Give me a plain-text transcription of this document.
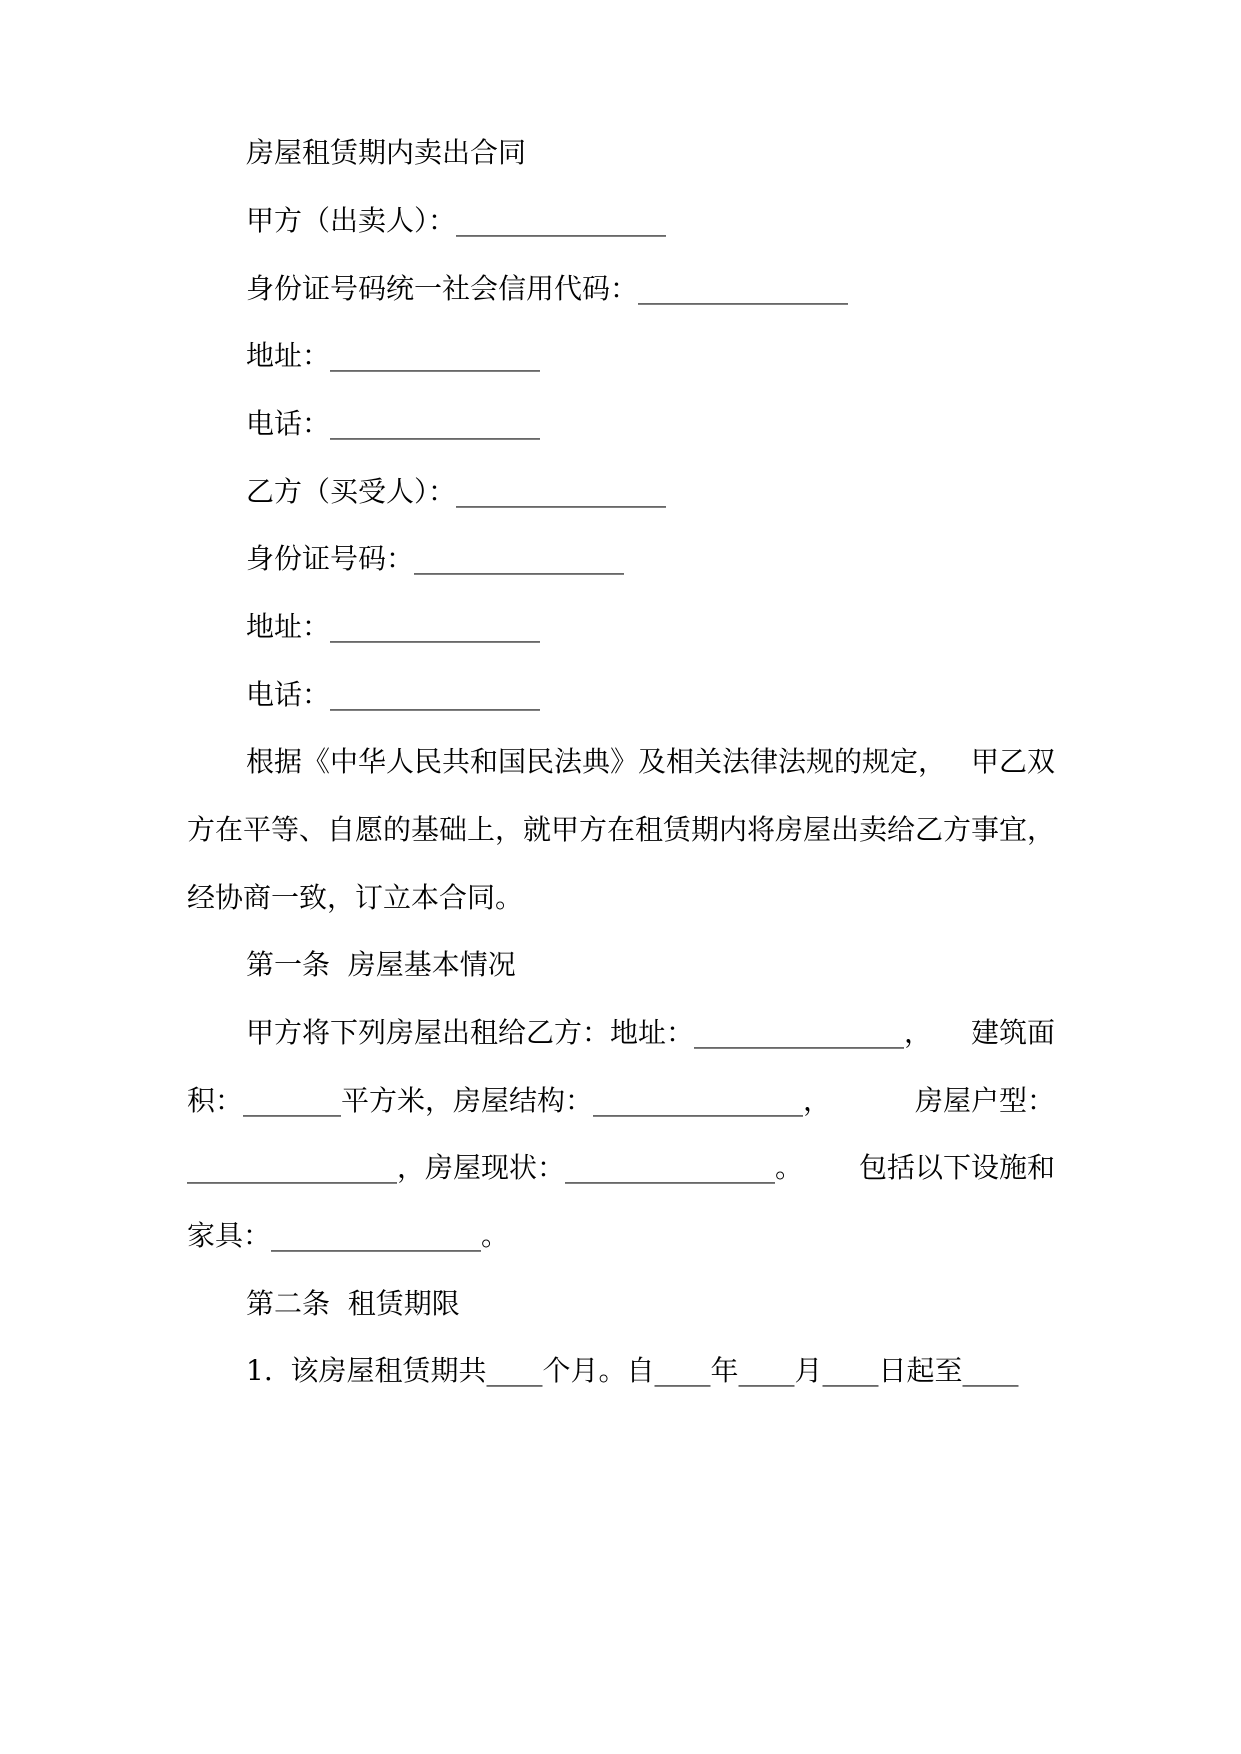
房屋租赁期内卖出合同

甲方（出卖人）：_______________

身份证号码统一社会信用代码：_______________

地址：_______________

电话：_______________

乙方（买受人）：_______________

身份证号码：_______________

地址：_______________

电话：_______________

根据《中华人民共和国民法典》及相关法律法规的规定， 甲乙双

方在平等、自愿的基础上，就甲方在租赁期内将房屋出卖给乙方事宜，

经协商一致，订立本合同。

第一条  房屋基本情况

甲方将下列房屋出租给乙方：地址：_______________， 建筑面

积：_______平方米，房屋结构：_______________，	房屋户型：

_______________，房屋现状：_______________。 包括以下设施和

家具：_______________。

第二条  租赁期限

1.  该房屋租赁期共____个月。自____年____月____日起至____
